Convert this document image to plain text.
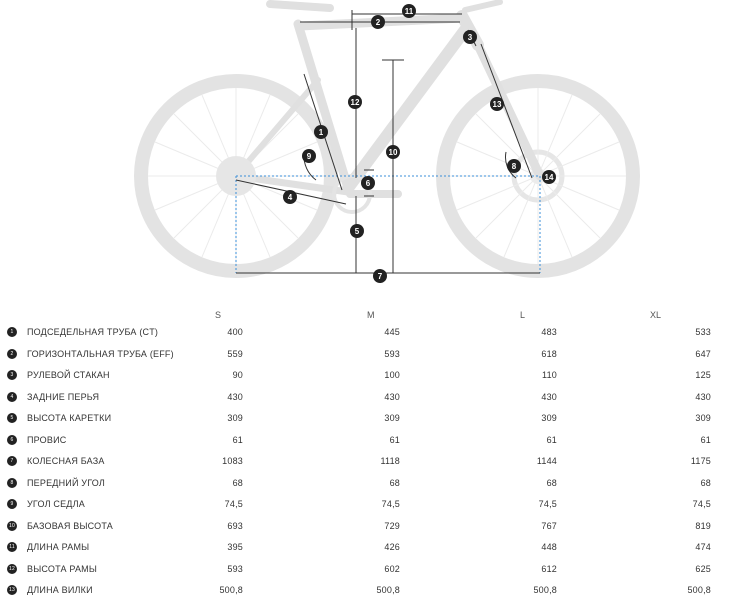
1
2
3
4
5
6
7
8
9	10
11
12	13
14
S	M	L	XL
1	ПОДСЕДЕЛЬНАЯ ТРУБА (CT)	400	445	483	533
2	ГОРИЗОНТАЛЬНАЯ ТРУБА (EFF)	559	593	618	647
3	РУЛЕВОЙ СТАКАН	90	100	110	125
4	ЗАДНИЕ ПЕРЬЯ	430	430	430	430
5	ВЫСОТА КАРЕТКИ	309	309	309	309
6	ПРОВИС	61	61	61	61
7	КОЛЕСНАЯ БАЗА	1083	1118	1144	1175
8	ПЕРЕДНИЙ УГОЛ	68	68	68	68
9	УГОЛ СЕДЛА	74,5	74,5	74,5	74,5
10 БАЗОВАЯ ВЫСОТА	693	729	767	819
11 ДЛИНА РАМЫ	395	426	448	474
12 ВЫСОТА РАМЫ	593	602	612	625
13 ДЛИНА ВИЛКИ	500,8	500,8	500,8	500,8
